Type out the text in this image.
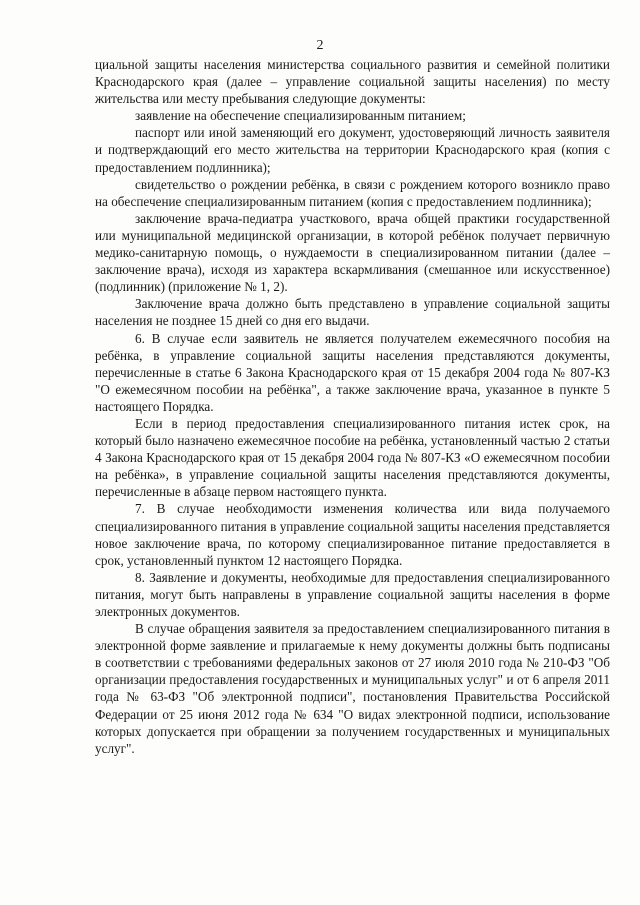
2

циальной защиты населения министерства социального развития и семейной политики Краснодарского края (далее – управление социальной защиты населения) по месту жительства или месту пребывания следующие документы:

заявление на обеспечение специализированным питанием;

паспорт или иной заменяющий его документ, удостоверяющий личность заявителя и подтверждающий его место жительства на территории Краснодарского края (копия с предоставлением подлинника);

свидетельство о рождении ребёнка, в связи с рождением которого возникло право на обеспечение специализированным питанием (копия с предоставлением подлинника);

заключение врача-педиатра участкового, врача общей практики государственной или муниципальной медицинской организации, в которой ребёнок получает первичную медико-санитарную помощь, о нуждаемости в специализированном питании (далее – заключение врача), исходя из характера вскармливания (смешанное или искусственное) (подлинник) (приложение № 1, 2).

Заключение врача должно быть представлено в управление социальной защиты населения не позднее 15 дней со дня его выдачи.

6. В случае если заявитель не является получателем ежемесячного пособия на ребёнка, в управление социальной защиты населения представляются документы, перечисленные в статье 6 Закона Краснодарского края от 15 декабря 2004 года № 807-КЗ "О ежемесячном пособии на ребёнка", а также заключение врача, указанное в пункте 5 настоящего Порядка.

Если в период предоставления специализированного питания истек срок, на который было назначено ежемесячное пособие на ребёнка, установленный частью 2 статьи 4 Закона Краснодарского края от 15 декабря 2004 года № 807-КЗ «О ежемесячном пособии на ребёнка», в управление социальной защиты населения представляются документы, перечисленные в абзаце первом настоящего пункта.

7. В случае необходимости изменения количества или вида получаемого специализированного питания в управление социальной защиты населения представляется новое заключение врача, по которому специализированное питание предоставляется в срок, установленный пунктом 12 настоящего Порядка.

8. Заявление и документы, необходимые для предоставления специализированного питания, могут быть направлены в управление социальной защиты населения в форме электронных документов.

В случае обращения заявителя за предоставлением специализированного питания в электронной форме заявление и прилагаемые к нему документы должны быть подписаны в соответствии с требованиями федеральных законов от 27 июля 2010 года № 210-ФЗ "Об организации предоставления государственных и муниципальных услуг" и от 6 апреля 2011 года № 63-ФЗ "Об электронной подписи", постановления Правительства Российской Федерации от 25 июня 2012 года № 634 "О видах электронной подписи, использование которых допускается при обращении за получением государственных и муниципальных услуг".
